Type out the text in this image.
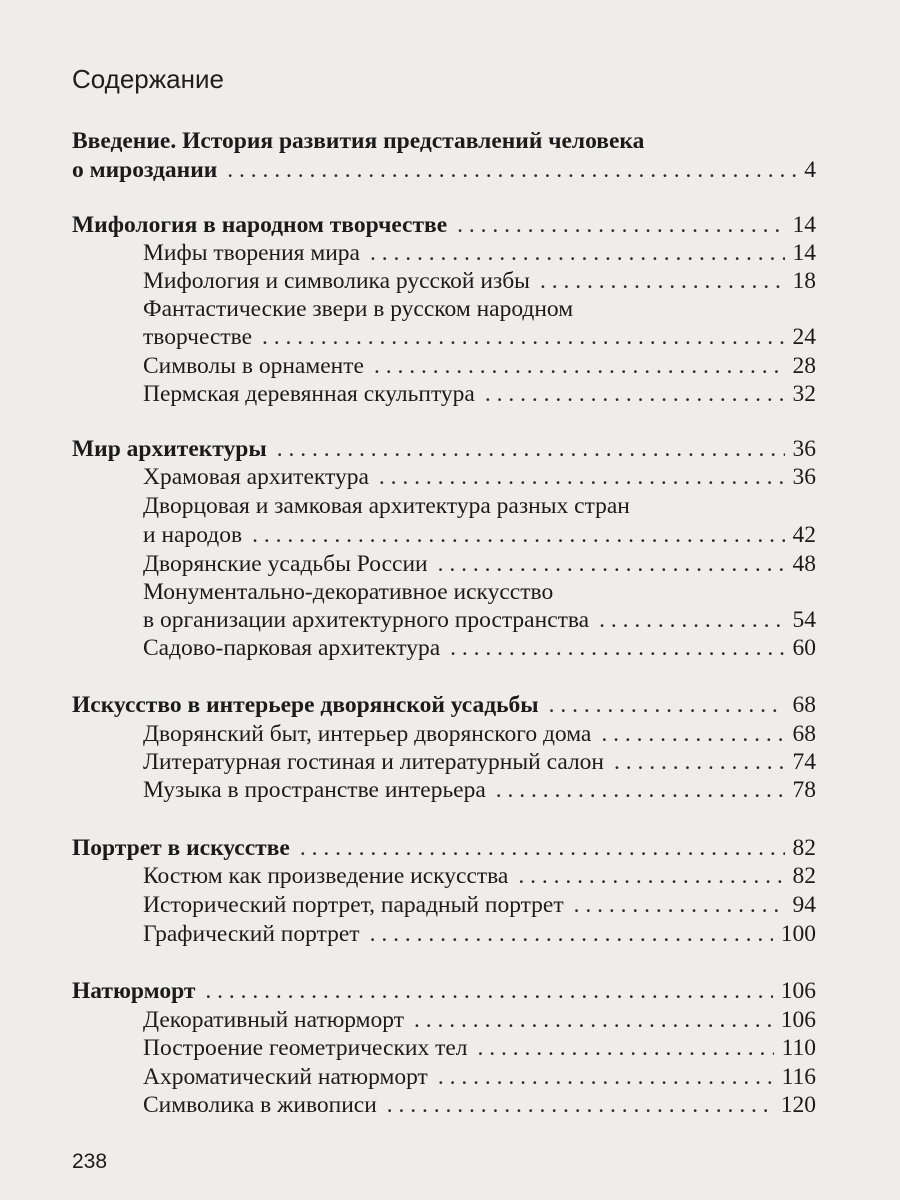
Содержание
Введение. История развития представлений человека
о мироздании . . .	4
Мифология в народном творчестве . . .	14
Мифы творения мира . . .	14
Мифология и символика русской избы . . .	18
Фантастические звери в русском народном
творчестве . . .	24
Символы в орнаменте . . .	28
Пермская деревянная скульптура . . .	32
Мир архитектуры . . .	36
Храмовая архитектура . . .	36
Дворцовая и замковая архитектура разных стран
и народов . . .	42
Дворянские усадьбы России . . .	48
Монументально-декоративное искусство
в организации архитектурного пространства . . .	54
Садово-парковая архитектура . . .	60
Искусство в интерьере дворянской усадьбы . . .	68
Дворянский быт, интерьер дворянского дома . . .	68
Литературная гостиная и литературный салон . . .	74
Музыка в пространстве интерьера . . .	78
Портрет в искусстве . . .	82
Костюм как произведение искусства . . .	82
Исторический портрет, парадный портрет . . .	94
Графический портрет . . .	100
Натюрморт . . .	106
Декоративный натюрморт . . .	106
Построение геометрических тел . . .	110
Ахроматический натюрморт . . .	116
Символика в живописи . . .	120
238
